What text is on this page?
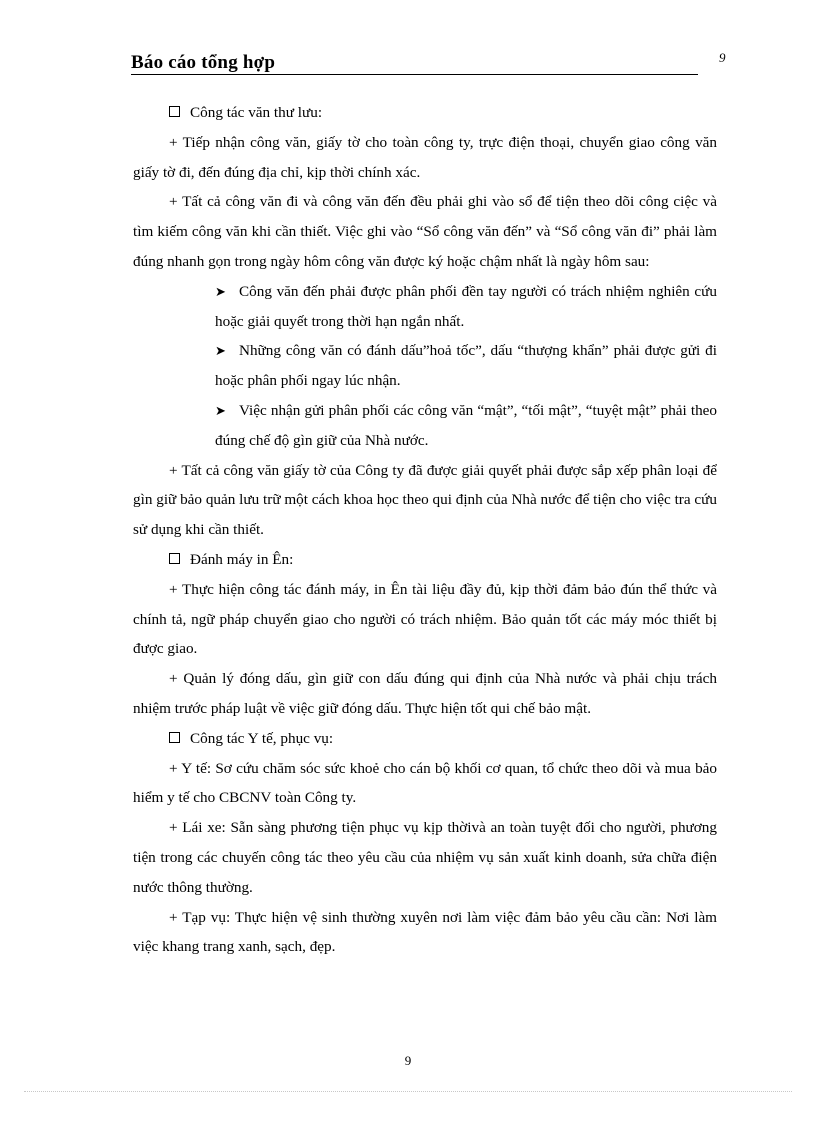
Báo cáo tổng hợp	9

Công tác văn thư lưu:

+ Tiếp nhận công văn, giấy tờ cho toàn công ty, trực điện thoại, chuyển giao công văn giấy tờ đi, đến đúng địa chỉ, kịp thời chính xác.

+ Tất cả công văn đi và công văn đến đều phải ghi vào sổ để tiện theo dõi công ciệc và tìm kiếm công văn khi cần thiết. Việc ghi vào “Sổ công văn đến” và “Sổ công văn đi” phải làm đúng nhanh gọn trong ngày hôm công văn được ký hoặc chậm nhất là ngày hôm sau:

➤ Công văn đến phải được phân phối đền tay người có trách nhiệm nghiên cứu hoặc giải quyết trong thời hạn ngắn nhất.

➤ Những công văn có đánh dấu”hoả tốc”, dấu “thượng khẩn” phải được gửi đi hoặc phân phối ngay lúc nhận.

➤ Việc nhận gửi phân phối các công văn “mật”, “tối mật”, “tuyệt mật” phải theo đúng chế độ gìn giữ của Nhà nước.

+ Tất cả công văn giấy tờ của Công ty đã được giải quyết phải được sắp xếp phân loại để gìn giữ bảo quản lưu trữ một cách khoa học theo qui định của Nhà nước để tiện cho việc tra cứu sử dụng khi cần thiết.

Đánh máy in Ên:

+ Thực hiện công tác đánh máy, in Ên tài liệu đầy đủ, kịp thời đảm bảo đún thể thức và chính tả, ngữ pháp chuyển giao cho người có trách nhiệm. Bảo quản tốt các máy móc thiết bị được giao.

+ Quản lý đóng dấu, gìn giữ con dấu đúng qui định của Nhà nước và phải chịu trách nhiệm trước pháp luật về việc giữ đóng dấu. Thực hiện tốt qui chế bảo mật.

Công tác Y tế, phục vụ:

+ Y tế: Sơ cứu chăm sóc sức khoẻ cho cán bộ khối cơ quan, tổ chức theo dõi và mua bảo hiểm y tế cho CBCNV toàn Công ty.

+ Lái xe: Sẵn sàng phương tiện phục vụ kịp thờivà an toàn tuyệt đối cho người, phương tiện trong các chuyến công tác theo yêu cầu của nhiệm vụ sản xuất kinh doanh, sửa chữa điện nước thông thường.

+ Tạp vụ: Thực hiện vệ sinh thường xuyên nơi làm việc đảm bảo yêu cầu cần: Nơi làm việc khang trang xanh, sạch, đẹp.

9
